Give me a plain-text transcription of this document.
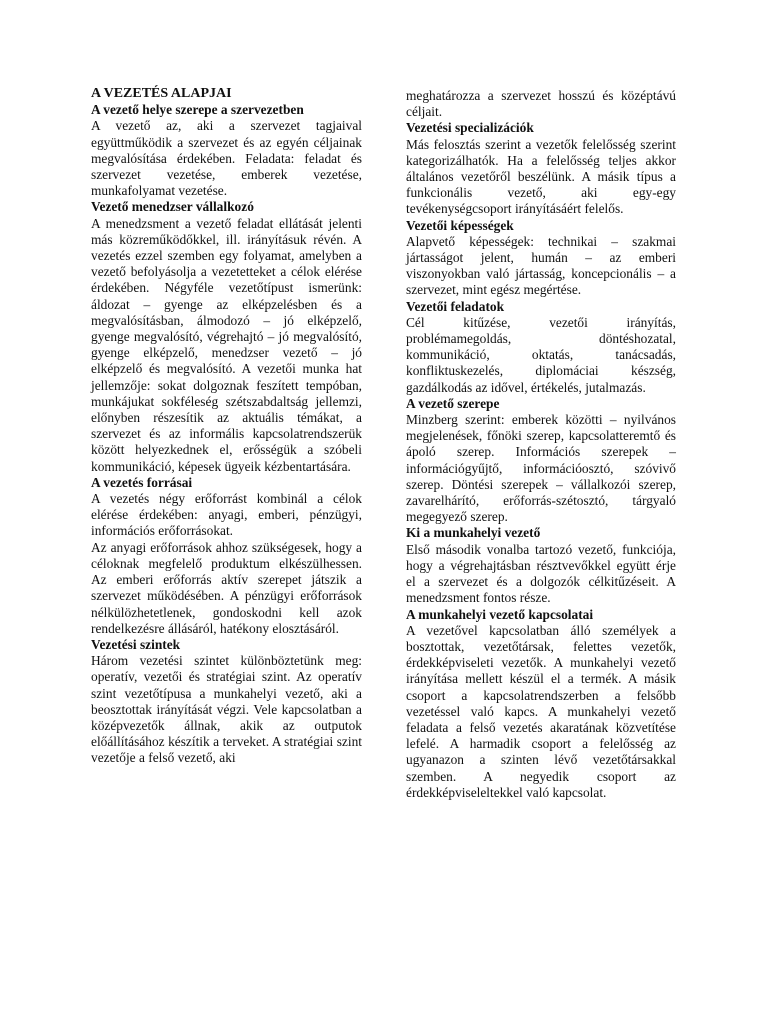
A VEZETÉS ALAPJAI
A vezető helye szerepe a szervezetben

A vezető az, aki a szervezet tagjaival együttműködik a szervezet és az egyén céljainak megvalósítása érdekében. Feladata: feladat és szervezet vezetése, emberek vezetése, munkafolyamat vezetése.

Vezető menedzser vállalkozó

A menedzsment a vezető feladat ellátását jelenti más közreműködőkkel, ill. irányításuk révén. A vezetés ezzel szemben egy folyamat, amelyben a vezető befolyásolja a vezetetteket a célok elérése érdekében. Négyféle vezetőtípust ismerünk: áldozat – gyenge az elképzelésben és a megvalósításban, álmodozó – jó elképzelő, gyenge megvalósító, végrehajtó – jó megvalósító, gyenge elképzelő, menedzser vezető – jó elképzelő és megvalósító. A vezetői munka hat jellemzője: sokat dolgoznak feszített tempóban, munkájukat sokféleség szétszabdaltság jellemzi, előnyben részesítik az aktuális témákat, a szervezet és az informális kapcsolatrendszerük között helyezkednek el, erősségük a szóbeli kommunikáció, képesek ügyeik kézbentartására.

A vezetés forrásai

A vezetés négy erőforrást kombinál a célok elérése érdekében: anyagi, emberi, pénzügyi, információs erőforrásokat.

Az anyagi erőforrások ahhoz szükségesek, hogy a céloknak megfelelő produktum elkészülhessen. Az emberi erőforrás aktív szerepet játszik a szervezet működésében. A pénzügyi erőforrások nélkülözhetetlenek, gondoskodni kell azok rendelkezésre állásáról, hatékony elosztásáról.

Vezetési szintek

Három vezetési szintet különböztetünk meg: operatív, vezetői és stratégiai szint. Az operatív szint vezetőtípusa a munkahelyi vezető, aki a beosztottak irányítását végzi. Vele kapcsolatban a középvezetők állnak, akik az outputok előállításához készítik a terveket. A stratégiai szint vezetője a felső vezető, aki

meghatározza a szervezet hosszú és középtávú céljait.

Vezetési specializációk

Más felosztás szerint a vezetők felelősség szerint kategorizálhatók. Ha a felelősség teljes akkor általános vezetőről beszélünk. A másik típus a funkcionális vezető, aki egy-egy tevékenységcsoport irányításáért felelős.

Vezetői képességek

Alapvető képességek: technikai – szakmai jártasságot jelent, humán – az emberi viszonyokban való jártasság, koncepcionális – a szervezet, mint egész megértése.

Vezetői feladatok

Cél kitűzése, vezetői irányítás, problémamegoldás, döntéshozatal, kommunikáció, oktatás, tanácsadás, konfliktuskezelés, diplomáciai készség, gazdálkodás az idővel, értékelés, jutalmazás.

A vezető szerepe

Minzberg szerint: emberek közötti – nyilvános megjelenések, főnöki szerep, kapcsolatteremtő és ápoló szerep. Információs szerepek – információgyűjtő, információosztó, szóvivő szerep. Döntési szerepek – vállalkozói szerep, zavarelhárító, erőforrás-szétosztó, tárgyaló megegyező szerep.

Ki a munkahelyi vezető

Első második vonalba tartozó vezető, funkciója, hogy a végrehajtásban résztvevőkkel együtt érje el a szervezet és a dolgozók célkitűzéseit. A menedzsment fontos része.

A munkahelyi vezető kapcsolatai

A vezetővel kapcsolatban álló személyek a bosztottak, vezetőtársak, felettes vezetők, érdekképviseleti vezetők. A munkahelyi vezető irányítása mellett készül el a termék. A másik csoport a kapcsolatrendszerben a felsőbb vezetéssel való kapcs. A munkahelyi vezető feladata a felső vezetés akaratának közvetítése lefelé. A harmadik csoport a felelősség az ugyanazon a szinten lévő vezetőtársakkal szemben. A negyedik csoport az érdekképviseleltekkel való kapcsolat.
